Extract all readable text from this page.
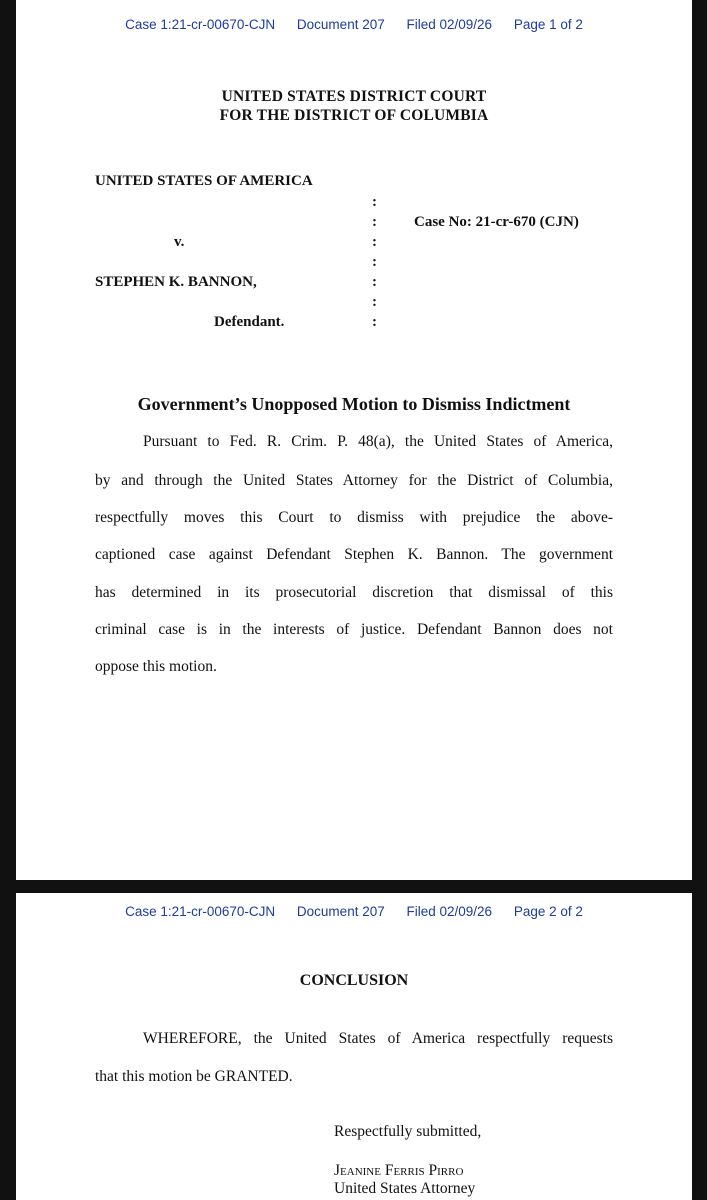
Case 1:21-cr-00670-CJN Document 207 Filed 02/09/26 Page 1 of 2
UNITED STATES DISTRICT COURT
FOR THE DISTRICT OF COLUMBIA
UNITED STATES OF AMERICA
v.
STEPHEN K. BANNON,
Defendant.
Case No: 21-cr-670 (CJN)
:
:
:
:
:
:
:
Government’s Unopposed Motion to Dismiss Indictment
Pursuant to Fed. R. Crim. P. 48(a), the United States of America,
by and through the United States Attorney for the District of Columbia,
respectfully moves this Court to dismiss with prejudice the above-
captioned case against Defendant Stephen K. Bannon. The government
has determined in its prosecutorial discretion that dismissal of this
criminal case is in the interests of justice. Defendant Bannon does not
oppose this motion.
Case 1:21-cr-00670-CJN Document 207 Filed 02/09/26 Page 2 of 2
CONCLUSION
WHEREFORE, the United States of America respectfully requests
that this motion be GRANTED.
Respectfully submitted,
Jeanine Ferris Pirro
United States Attorney
